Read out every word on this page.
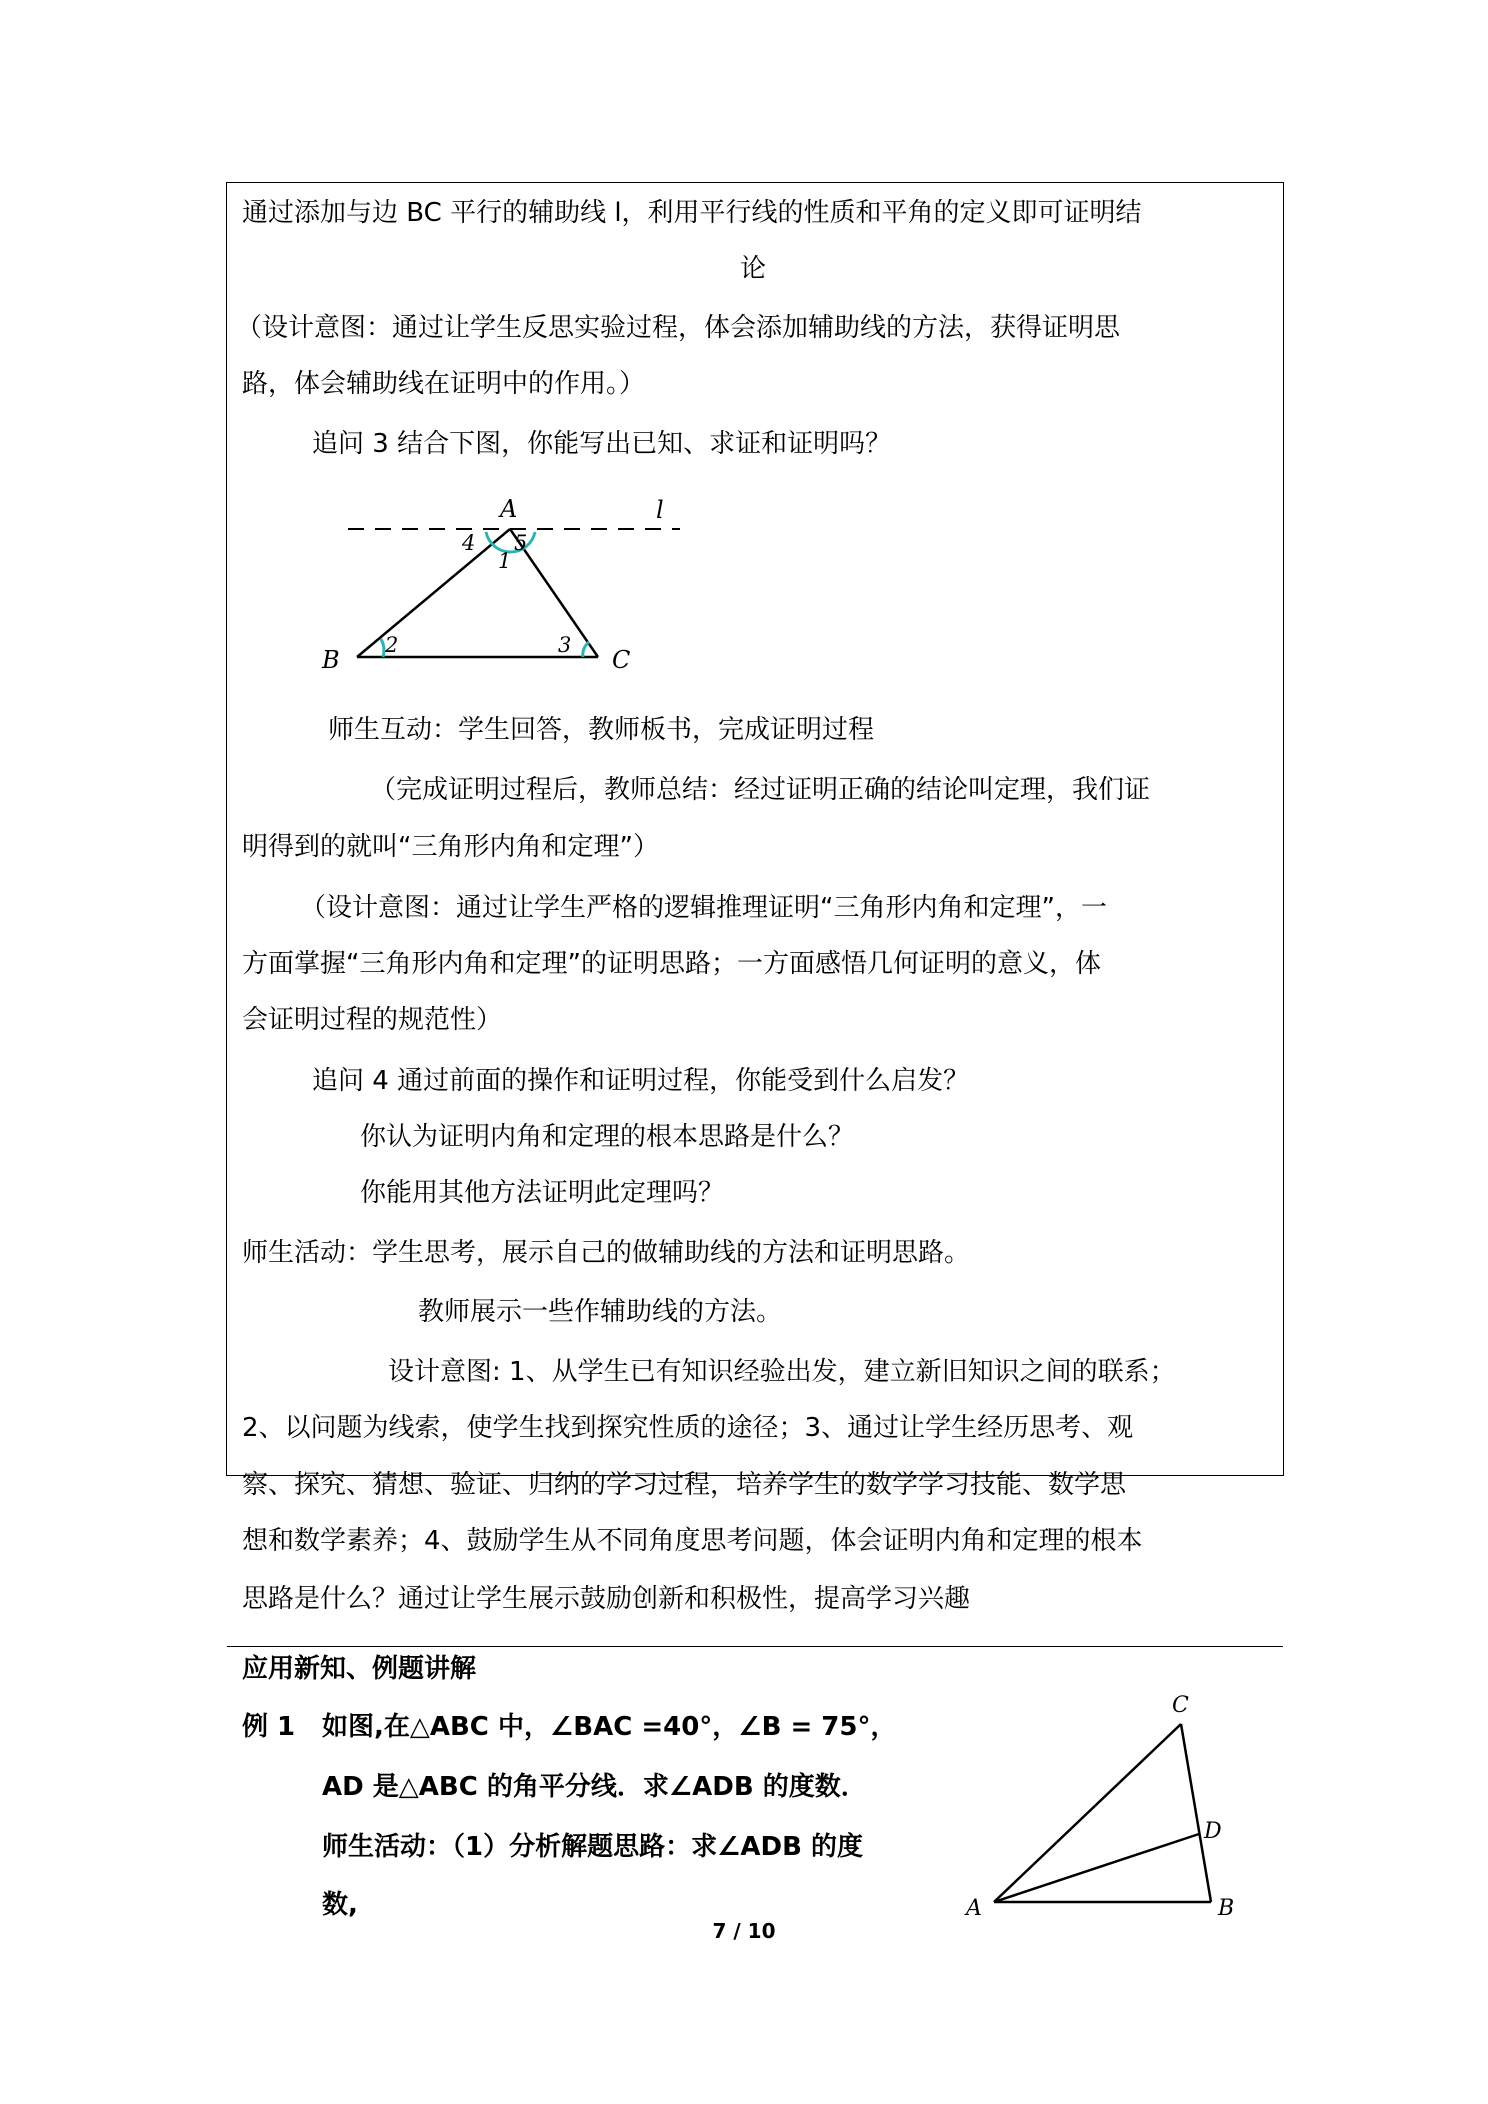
通过添加与边 BC 平行的辅助线 l，利用平行线的性质和平角的定义即可证明结
论
（设计意图：通过让学生反思实验过程，体会添加辅助线的方法，获得证明思
路，体会辅助线在证明中的作用。）
追问 3 结合下图，你能写出已知、求证和证明吗？
A	l
4 5
1
B
2	3
C
师生互动：学生回答，教师板书，完成证明过程
（完成证明过程后，教师总结：经过证明正确的结论叫定理，我们证
明得到的就叫“三角形内角和定理”）
（设计意图：通过让学生严格的逻辑推理证明“三角形内角和定理”，一
方面掌握“三角形内角和定理”的证明思路；一方面感悟几何证明的意义，体
会证明过程的规范性）
追问 4 通过前面的操作和证明过程，你能受到什么启发？
你认为证明内角和定理的根本思路是什么？
你能用其他方法证明此定理吗？
师生活动：学生思考，展示自己的做辅助线的方法和证明思路。
教师展示一些作辅助线的方法。
设计意图: 1、从学生已有知识经验出发，建立新旧知识之间的联系；
2、以问题为线索，使学生找到探究性质的途径；3、通过让学生经历思考、观
察、探究、猜想、验证、归纳的学习过程，培养学生的数学学习技能、数学思
想和数学素养；4、鼓励学生从不同角度思考问题，体会证明内角和定理的根本
思路是什么？通过让学生展示鼓励创新和积极性，提高学习兴趣
应用新知、例题讲解
例 1 如图,在△ABC 中，∠BAC =40°，∠B = 75°，
AD 是△ABC 的角平分线．求∠ADB 的度数．
师生活动：（1）分析解题思路：求∠ADB 的度
数,
C
D
A	B
7 / 10
